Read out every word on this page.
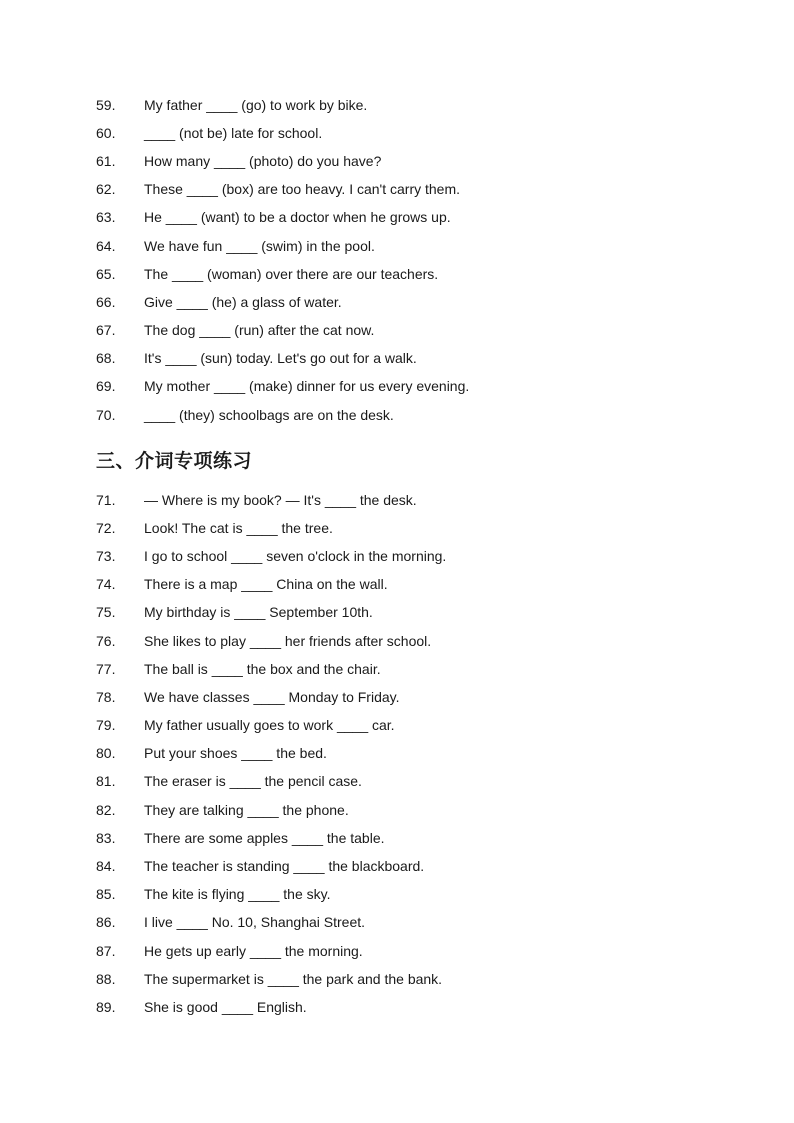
59.	My father ____ (go) to work by bike.
60.	____ (not be) late for school.
61.	How many ____ (photo) do you have?
62.	These ____ (box) are too heavy. I can't carry them.
63.	He ____ (want) to be a doctor when he grows up.
64.	We have fun ____ (swim) in the pool.
65.	The ____ (woman) over there are our teachers.
66.	Give ____ (he) a glass of water.
67.	The dog ____ (run) after the cat now.
68.	It's ____ (sun) today. Let's go out for a walk.
69.	My mother ____ (make) dinner for us every evening.
70.	____ (they) schoolbags are on the desk.
三、介词专项练习
71.	— Where is my book? — It's ____ the desk.
72.	Look! The cat is ____ the tree.
73.	I go to school ____ seven o'clock in the morning.
74.	There is a map ____ China on the wall.
75.	My birthday is ____ September 10th.
76.	She likes to play ____ her friends after school.
77.	The ball is ____ the box and the chair.
78.	We have classes ____ Monday to Friday.
79.	My father usually goes to work ____ car.
80.	Put your shoes ____ the bed.
81.	The eraser is ____ the pencil case.
82.	They are talking ____ the phone.
83.	There are some apples ____ the table.
84.	The teacher is standing ____ the blackboard.
85.	The kite is flying ____ the sky.
86.	I live ____ No. 10, Shanghai Street.
87.	He gets up early ____ the morning.
88.	The supermarket is ____ the park and the bank.
89.	She is good ____ English.
